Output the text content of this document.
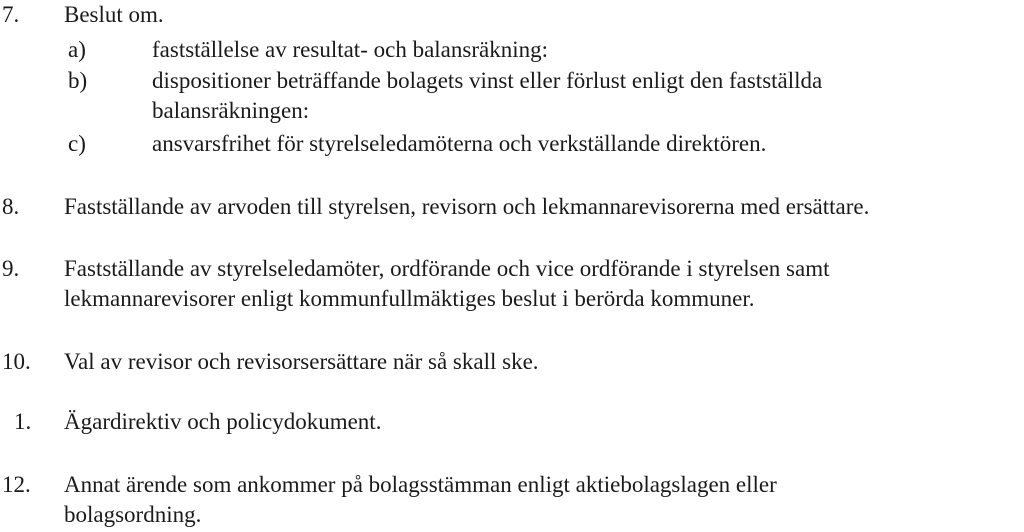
7.	Beslut om.
a)	fastställelse av resultat- och balansräkning:
b)	dispositioner beträffande bolagets vinst eller förlust enligt den fastställda
balansräkningen:
c)	ansvarsfrihet för styrelseledamöterna och verkställande direktören.
8.	Fastställande av arvoden till styrelsen, revisorn och lekmannarevisorerna med ersättare.
9.	Fastställande av styrelseledamöter, ordförande och vice ordförande i styrelsen samt
lekmannarevisorer enligt kommunfullmäktiges beslut i berörda kommuner.
10.	Val av revisor och revisorsersättare när så skall ske.
1.	Ägardirektiv och policydokument.
12.	Annat ärende som ankommer på bolagsstämman enligt aktiebolagslagen eller
bolagsordning.
